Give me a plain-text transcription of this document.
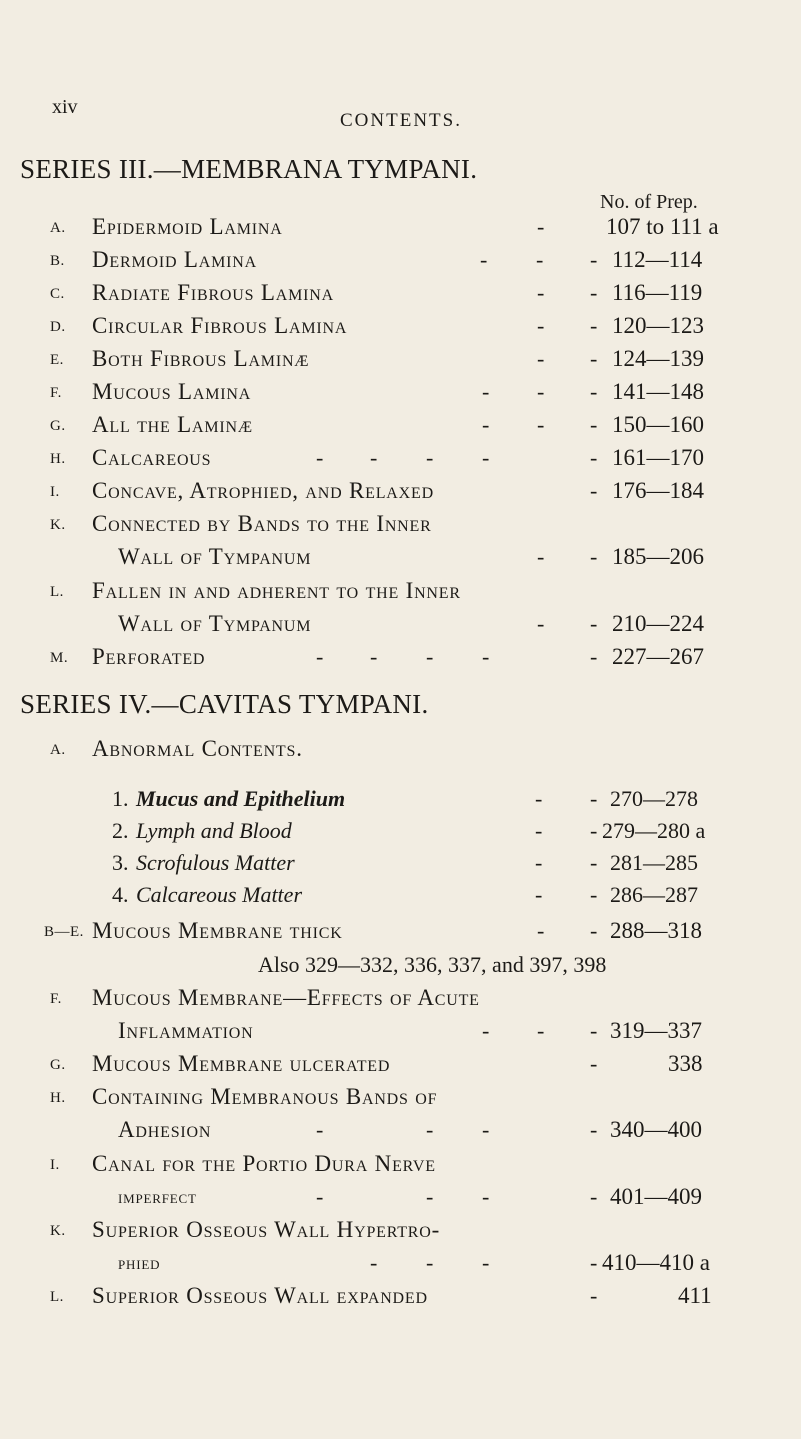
xiv
CONTENTS.
SERIES III.—MEMBRANA TYMPANI.
No. of Prep.
A. Epidermoid Lamina	-	107 to 111 a
B. Dermoid Lamina	- - - 112—114
C. Radiate Fibrous Lamina	- - 116—119
D. Circular Fibrous Lamina	- - 120—123
E. Both Fibrous Laminæ	- - 124—139
F. Mucous Lamina	- - - 141—148
G. All the Laminæ	- - - 150—160
H. Calcareous	- - - -	- 161—170
I. Concave, Atrophied, and Relaxed	- 176—184
K. Connected by Bands to the Inner
Wall of Tympanum	- - 185—206
L. Fallen in and adherent to the Inner
Wall of Tympanum	- - 210—224
M. Perforated	- - - -	- 227—267
SERIES IV.—CAVITAS TYMPANI.
A. Abnormal Contents.
1. Mucus and Epithelium	- - 270—278
2. Lymph and Blood	- - 279—280 a
3. Scrofulous Matter	- - 281—285
4. Calcareous Matter	- - 286—287
B—E. Mucous Membrane thick	- - 288—318
Also 329—332, 336, 337, and 397, 398
F. Mucous Membrane—Effects of Acute
Inflammation	- - - 319—337
G. Mucous Membrane ulcerated	-	338
H. Containing Membranous Bands of
Adhesion	-	- -	- 340—400
I. Canal for the Portio Dura Nerve
imperfect	-	- -	- 401—409
K. Superior Osseous Wall Hypertro-
phied	- - -	- 410—410 a
L. Superior Osseous Wall expanded	-	411
